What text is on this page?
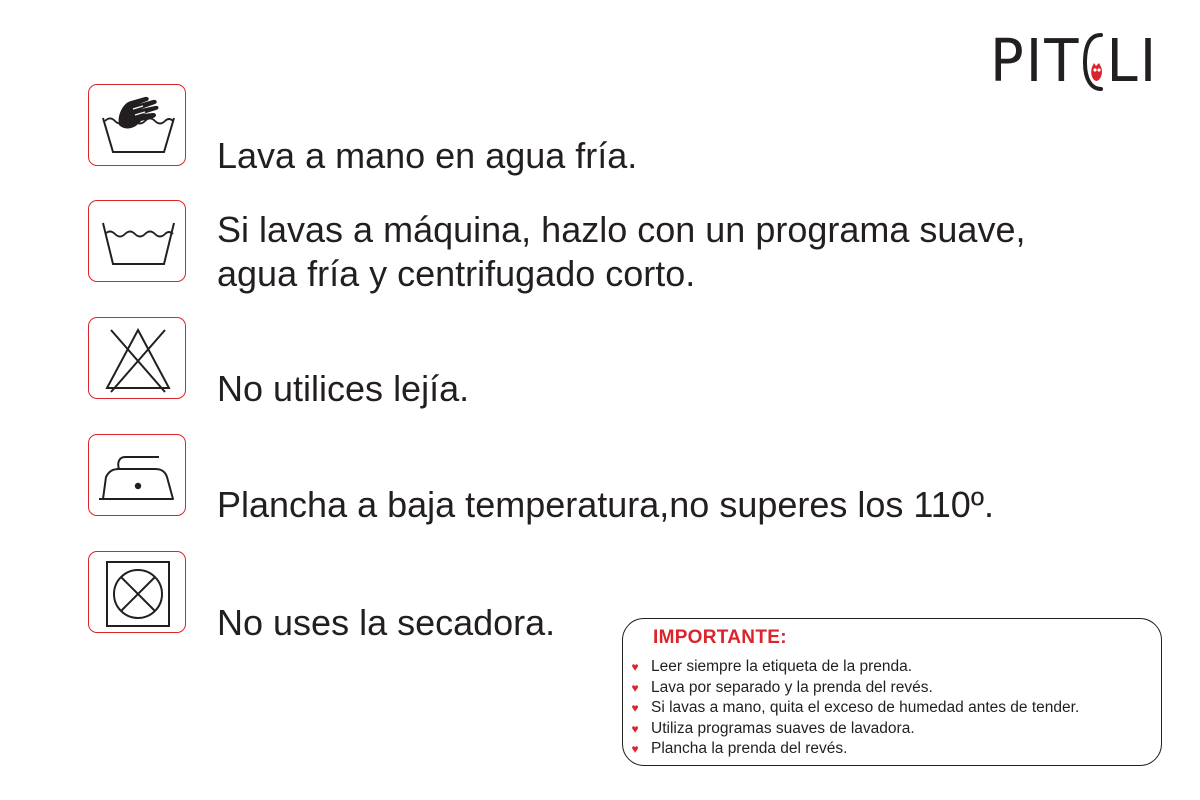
PIT LI
Lava a mano en agua fría.
Si lavas a máquina, hazlo con un programa suave,
agua fría y centrifugado corto.
No utilices lejía.
Plancha a baja temperatura,no superes los 110º.
No uses la secadora.	IMPORTANTE:
♥ Leer siempre la etiqueta de la prenda.
♥ Lava por separado y la prenda del revés.
♥ Si lavas a mano, quita el exceso de humedad antes de tender.
♥ Utiliza programas suaves de lavadora.
♥ Plancha la prenda del revés.
